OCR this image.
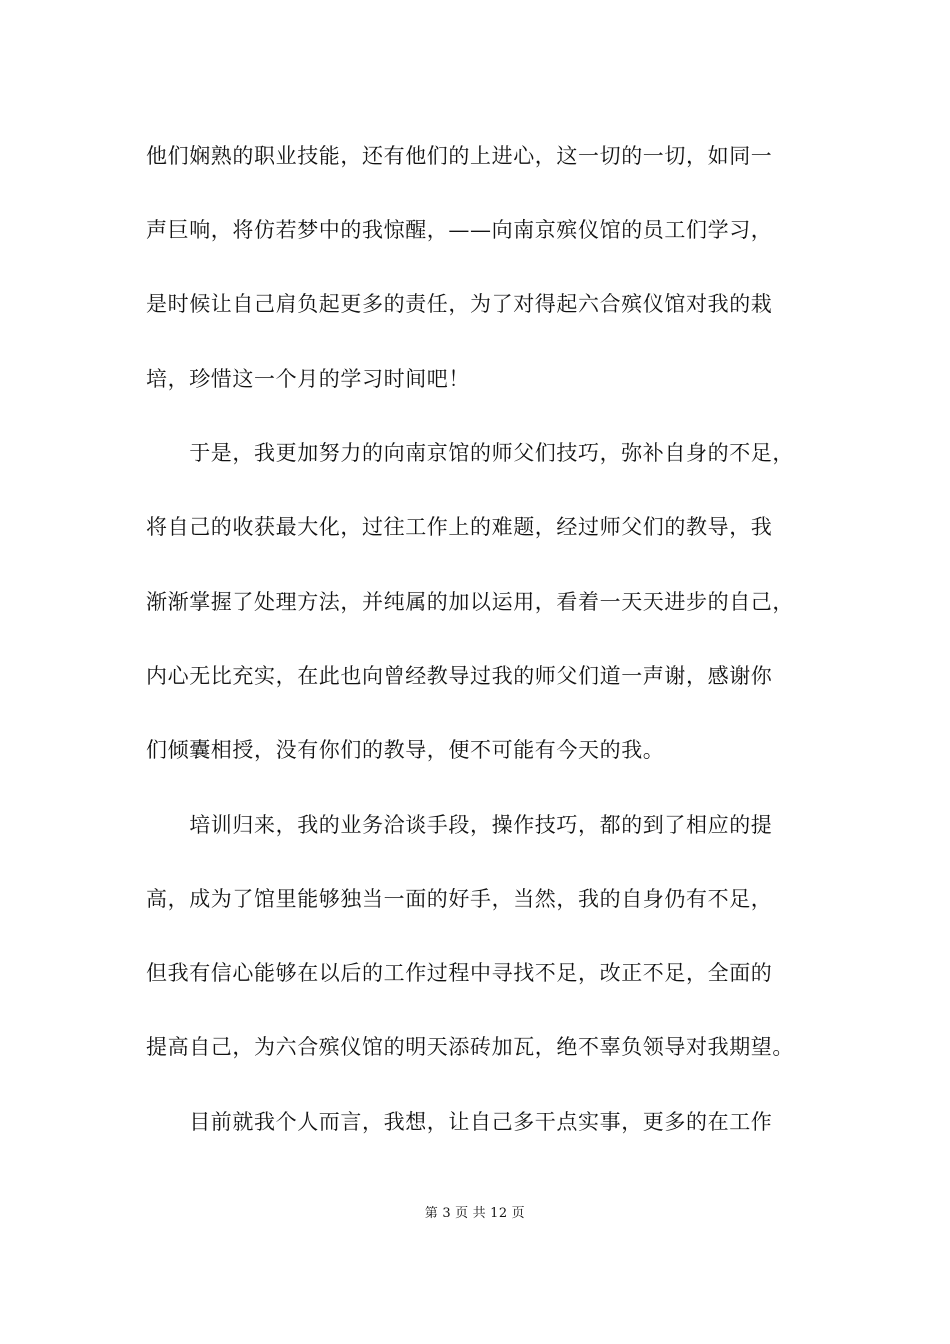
他们娴熟的职业技能，还有他们的上进心，这一切的一切，如同一
声巨响，将仿若梦中的我惊醒，——向南京殡仪馆的员工们学习，
是时候让自己肩负起更多的责任，为了对得起六合殡仪馆对我的栽
培，珍惜这一个月的学习时间吧！
　　于是，我更加努力的向南京馆的师父们技巧，弥补自身的不足，
将自己的收获最大化，过往工作上的难题，经过师父们的教导，我
渐渐掌握了处理方法，并纯属的加以运用，看着一天天进步的自己，
内心无比充实，在此也向曾经教导过我的师父们道一声谢，感谢你
们倾囊相授，没有你们的教导，便不可能有今天的我。
　　培训归来，我的业务洽谈手段，操作技巧，都的到了相应的提
高，成为了馆里能够独当一面的好手，当然，我的自身仍有不足，
但我有信心能够在以后的工作过程中寻找不足，改正不足，全面的
提高自己，为六合殡仪馆的明天添砖加瓦，绝不辜负领导对我期望。
　　目前就我个人而言，我想，让自己多干点实事，更多的在工作
第 3 页 共 12 页
